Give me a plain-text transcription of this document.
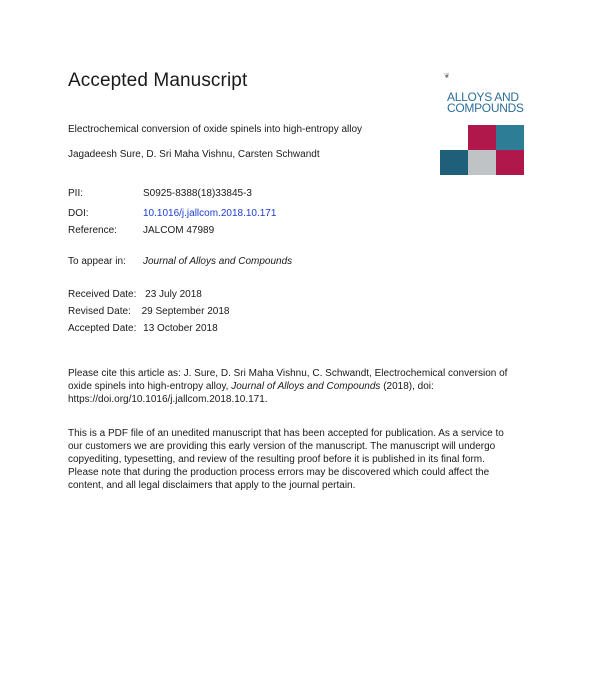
Accepted Manuscript	❦
ALLOYS AND
COMPOUNDS
Electrochemical conversion of oxide spinels into high-entropy alloy
Jagadeesh Sure, D. Sri Maha Vishnu, Carsten Schwandt
PII:	S0925-8388(18)33845-3
DOI:	10.1016/j.jallcom.2018.10.171
Reference:	JALCOM 47989
To appear in:	Journal of Alloys and Compounds
Received Date: 23 July 2018
Revised Date: 29 September 2018
Accepted Date: 13 October 2018
Please cite this article as: J. Sure, D. Sri Maha Vishnu, C. Schwandt, Electrochemical conversion of oxide spinels into high-entropy alloy, Journal of Alloys and Compounds (2018), doi: https://doi.org/10.1016/j.jallcom.2018.10.171.
This is a PDF file of an unedited manuscript that has been accepted for publication. As a service to our customers we are providing this early version of the manuscript. The manuscript will undergo copyediting, typesetting, and review of the resulting proof before it is published in its final form. Please note that during the production process errors may be discovered which could affect the content, and all legal disclaimers that apply to the journal pertain.
